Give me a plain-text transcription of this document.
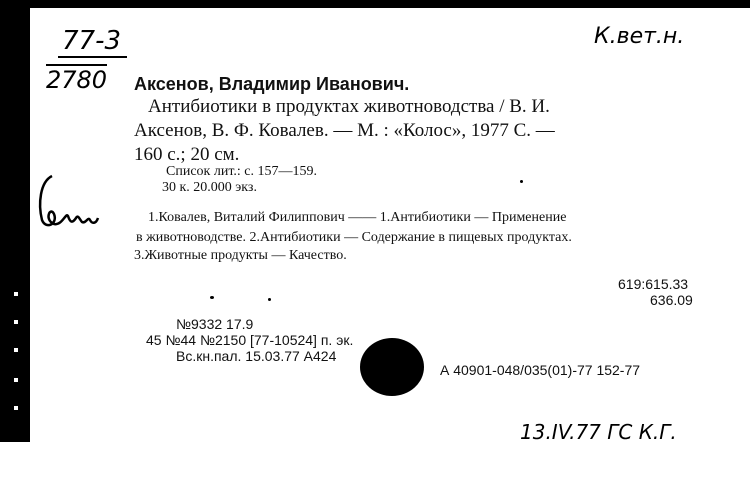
77-3
2780
К.вет.н.
13.IV.77 ГС К.Г.
Аксенов, Владимир Иванович.
Антибиотики в продуктах животноводства / В. И.
Аксенов, В. Ф. Ковалев. — М. : «Колос», 1977 С. —
160 с.; 20 см.
Список лит.: с. 157—159.
30 к. 20.000 экз.
1.Ковалев, Виталий Филиппович —— 1.Антибиотики — Применение
в животноводстве. 2.Антибиотики — Содержание в пищевых продуктах.
3.Животные продукты — Качество.
619:615.33
636.09
№9332 17.9
45 №44 №2150 [77-10524] п. эк.
Вс.кн.пал. 15.03.77 А424
А 40901-048/035(01)-77 152-77
